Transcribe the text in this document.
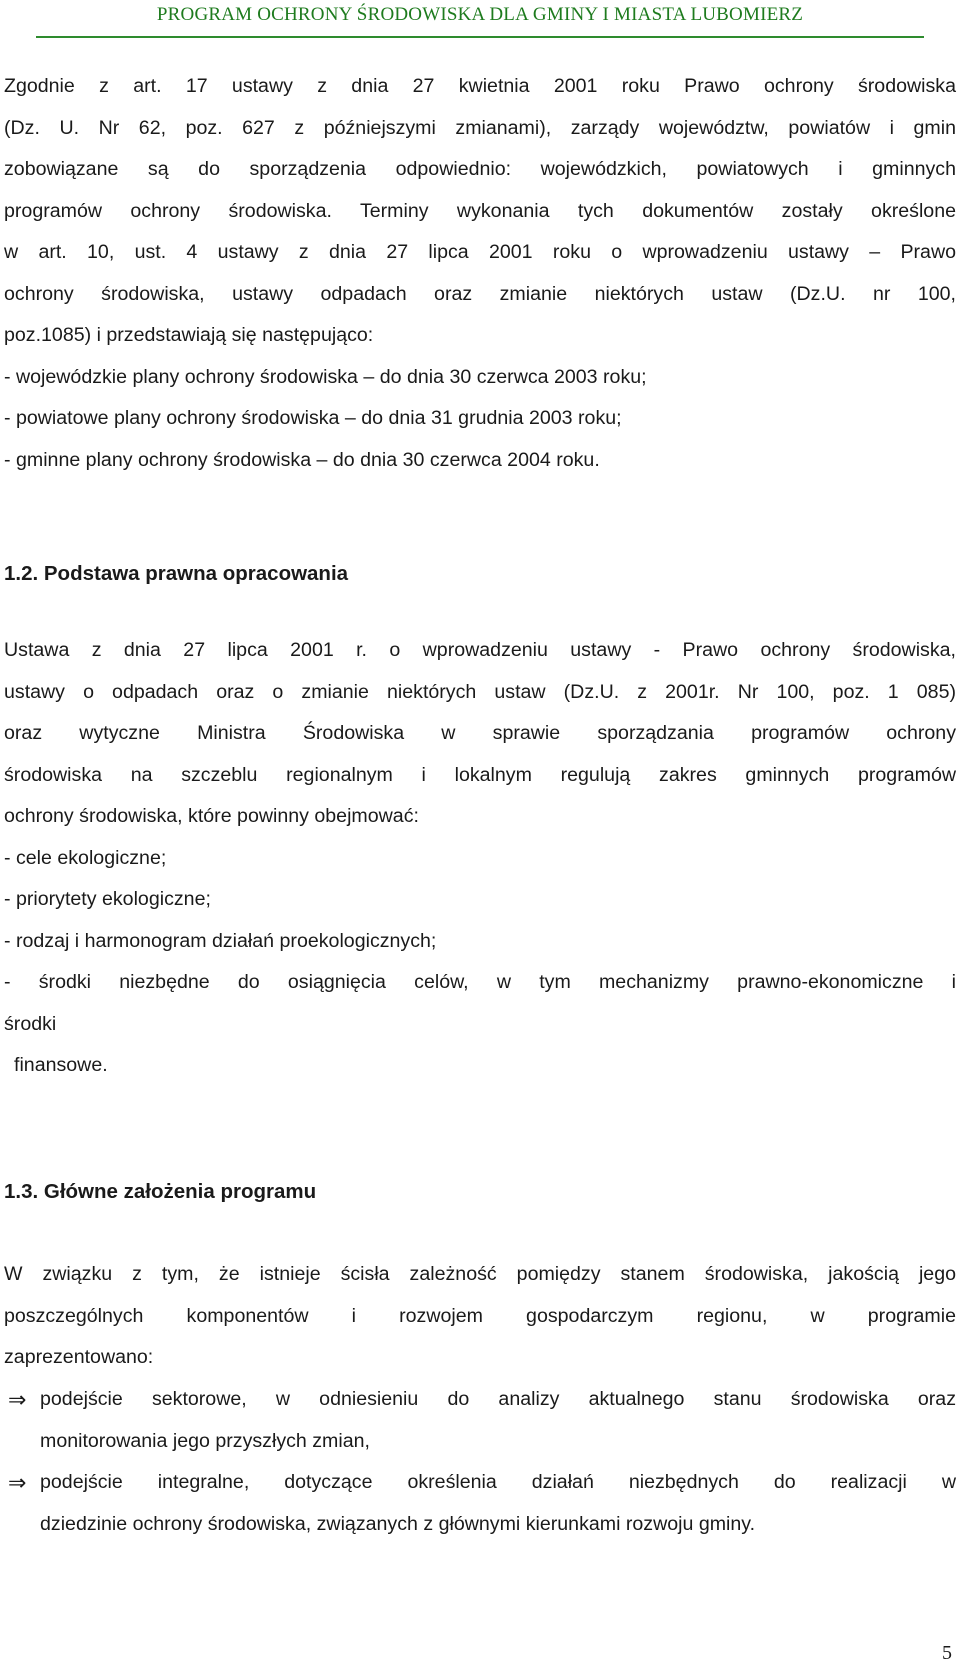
PROGRAM OCHRONY ŚRODOWISKA DLA GMINY I MIASTA LUBOMIERZ
Zgodnie z art. 17 ustawy z dnia 27 kwietnia 2001 roku Prawo ochrony środowiska
(Dz. U. Nr 62, poz. 627 z późniejszymi zmianami), zarządy województw, powiatów i gmin
zobowiązane są do sporządzenia odpowiednio: wojewódzkich, powiatowych i gminnych
programów ochrony środowiska. Terminy wykonania tych dokumentów zostały określone
w art. 10, ust. 4 ustawy z dnia 27 lipca 2001 roku o wprowadzeniu ustawy – Prawo
ochrony środowiska, ustawy odpadach oraz zmianie niektórych ustaw (Dz.U. nr 100,
poz.1085) i przedstawiają się następująco:
- wojewódzkie plany ochrony środowiska – do dnia 30 czerwca 2003 roku;
- powiatowe plany ochrony środowiska – do dnia 31 grudnia 2003 roku;
- gminne plany ochrony środowiska – do dnia 30 czerwca 2004 roku.
1.2. Podstawa prawna opracowania
Ustawa z dnia 27 lipca 2001 r. o wprowadzeniu ustawy - Prawo ochrony środowiska,
ustawy o odpadach oraz o zmianie niektórych ustaw (Dz.U. z 2001r. Nr 100, poz. 1 085)
oraz wytyczne Ministra Środowiska w sprawie sporządzania programów ochrony
środowiska na szczeblu regionalnym i lokalnym regulują zakres gminnych programów
ochrony środowiska, które powinny obejmować:
- cele ekologiczne;
- priorytety ekologiczne;
- rodzaj i harmonogram działań proekologicznych;
- środki niezbędne do osiągnięcia celów, w tym mechanizmy prawno-ekonomiczne i
środki
finansowe.
1.3. Główne założenia programu
W związku z tym, że istnieje ścisła zależność pomiędzy stanem środowiska, jakością jego
poszczególnych komponentów i rozwojem gospodarczym regionu, w programie
zaprezentowano:
⇒ podejście sektorowe, w odniesieniu do analizy aktualnego stanu środowiska oraz
monitorowania jego przyszłych zmian,
⇒ podejście integralne, dotyczące określenia działań niezbędnych do realizacji w
dziedzinie ochrony środowiska, związanych z głównymi kierunkami rozwoju gminy.
5
